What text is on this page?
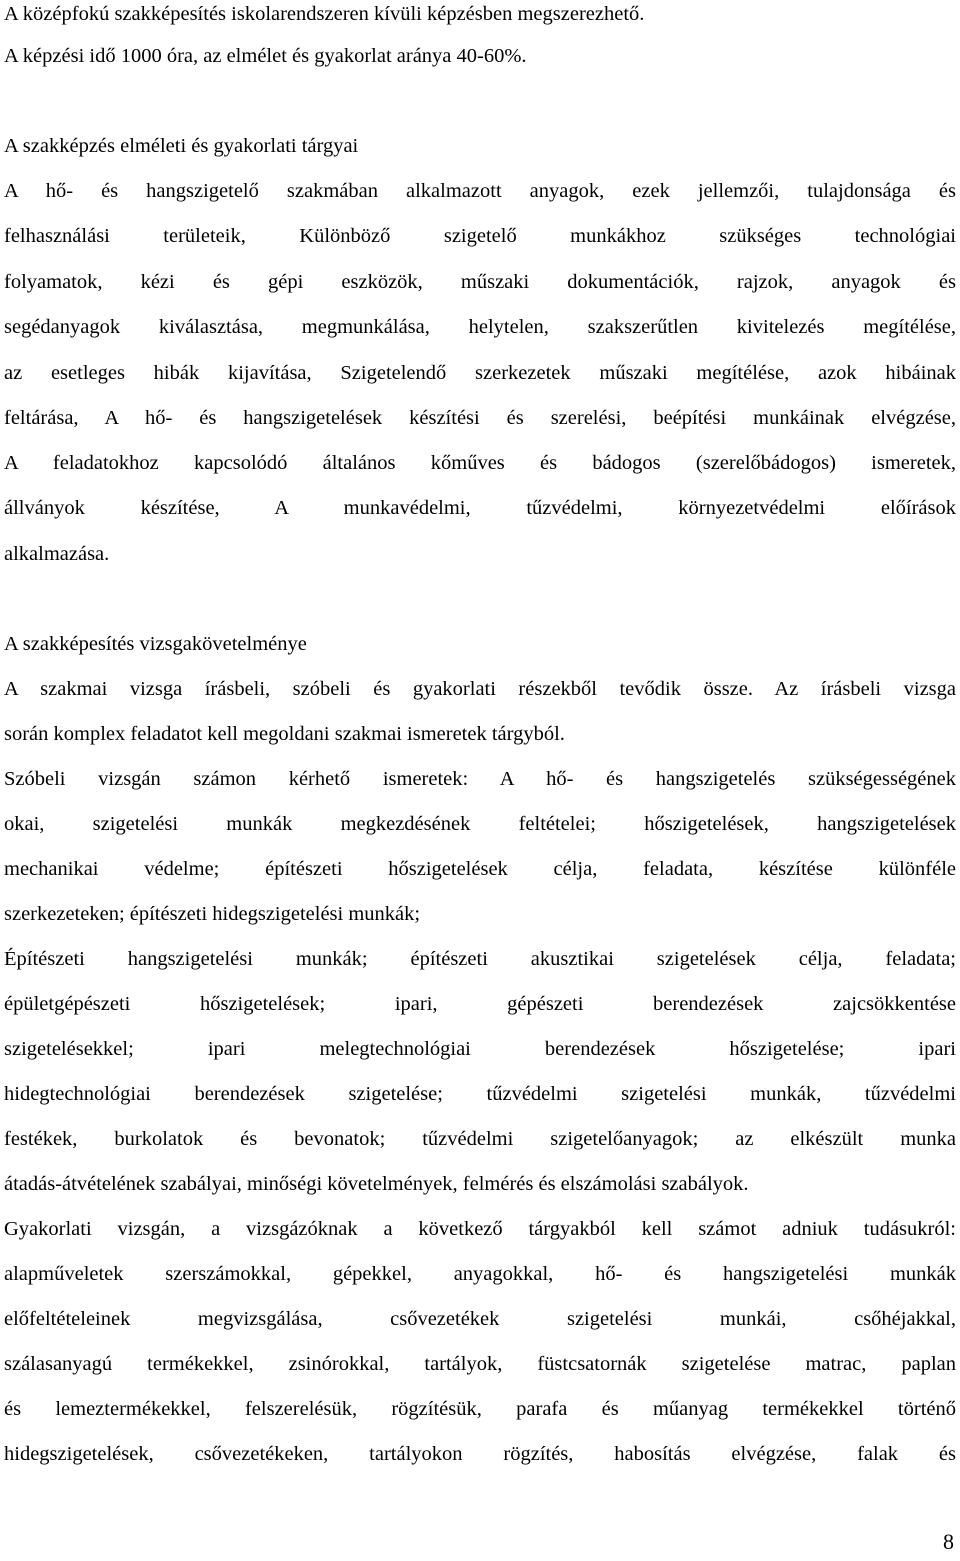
A középfokú szakképesítés iskolarendszeren kívüli képzésben megszerezhető.
A képzési idő 1000 óra, az elmélet és gyakorlat aránya 40-60%.
A szakképzés elméleti és gyakorlati tárgyai
A hő- és hangszigetelő szakmában alkalmazott anyagok, ezek jellemzői, tulajdonsága és
felhasználási területeik, Különböző szigetelő munkákhoz szükséges technológiai
folyamatok, kézi és gépi eszközök, műszaki dokumentációk, rajzok, anyagok és
segédanyagok kiválasztása, megmunkálása, helytelen, szakszerűtlen kivitelezés megítélése,
az esetleges hibák kijavítása, Szigetelendő szerkezetek műszaki megítélése, azok hibáinak
feltárása, A hő- és hangszigetelések készítési és szerelési, beépítési munkáinak elvégzése,
A feladatokhoz kapcsolódó általános kőműves és bádogos (szerelőbádogos) ismeretek,
állványok készítése, A munkavédelmi, tűzvédelmi, környezetvédelmi előírások
alkalmazása.
A szakképesítés vizsgakövetelménye
A szakmai vizsga írásbeli, szóbeli és gyakorlati részekből tevődik össze. Az írásbeli vizsga
során komplex feladatot kell megoldani szakmai ismeretek tárgyból.
Szóbeli vizsgán számon kérhető ismeretek: A hő- és hangszigetelés szükségességének
okai, szigetelési munkák megkezdésének feltételei; hőszigetelések, hangszigetelések
mechanikai védelme; építészeti hőszigetelések célja, feladata, készítése különféle
szerkezeteken; építészeti hidegszigetelési munkák;
Építészeti hangszigetelési munkák; építészeti akusztikai szigetelések célja, feladata;
épületgépészeti hőszigetelések; ipari, gépészeti berendezések zajcsökkentése
szigetelésekkel; ipari melegtechnológiai berendezések hőszigetelése; ipari
hidegtechnológiai berendezések szigetelése; tűzvédelmi szigetelési munkák, tűzvédelmi
festékek, burkolatok és bevonatok; tűzvédelmi szigetelőanyagok; az elkészült munka
átadás-átvételének szabályai, minőségi követelmények, felmérés és elszámolási szabályok.
Gyakorlati vizsgán, a vizsgázóknak a következő tárgyakból kell számot adniuk tudásukról:
alapműveletek szerszámokkal, gépekkel, anyagokkal, hő- és hangszigetelési munkák
előfeltételeinek megvizsgálása, csővezetékek szigetelési munkái, csőhéjakkal,
szálasanyagú termékekkel, zsinórokkal, tartályok, füstcsatornák szigetelése matrac, paplan
és lemeztermékekkel, felszerelésük, rögzítésük, parafa és műanyag termékekkel történő
hidegszigetelések, csővezetékeken, tartályokon rögzítés, habosítás elvégzése, falak és
8
